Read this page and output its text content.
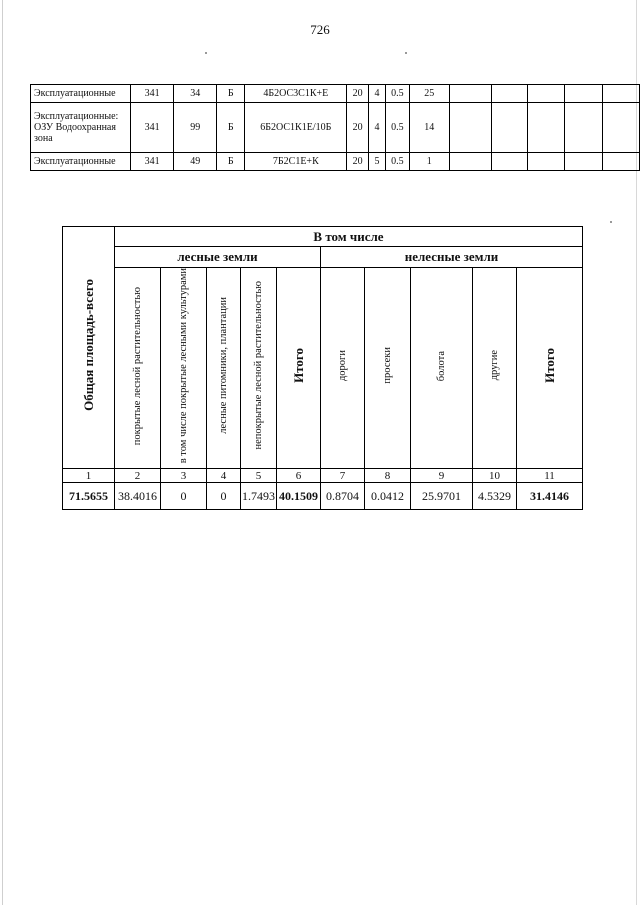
726
Эксплуатационные	341	34	Б	4Б2ОС3С1К+Е	20	4	0.5	25					
Эксплуатационные: ОЗУ Водоохранная зона	341	99	Б	6Б2ОС1К1Е/10Б	20	4	0.5	14					
Эксплуатационные	341	49	Б	7Б2С1Е+К	20	5	0.5	1					
Общая площадь-всего	В том числе									
	лесные земли					нелесные земли				
	покрытые лесной растительностью	в том числе покрытые лесными культурами	лесные питомники, плантации	непокрытые лесной растительностью	Итого	дороги	просеки	болота	другие	Итого
1	2	3	4	5	6	7	8	9	10	11
71.5655	38.4016	0	0	1.7493	40.1509	0.8704	0.0412	25.9701	4.5329	31.4146
